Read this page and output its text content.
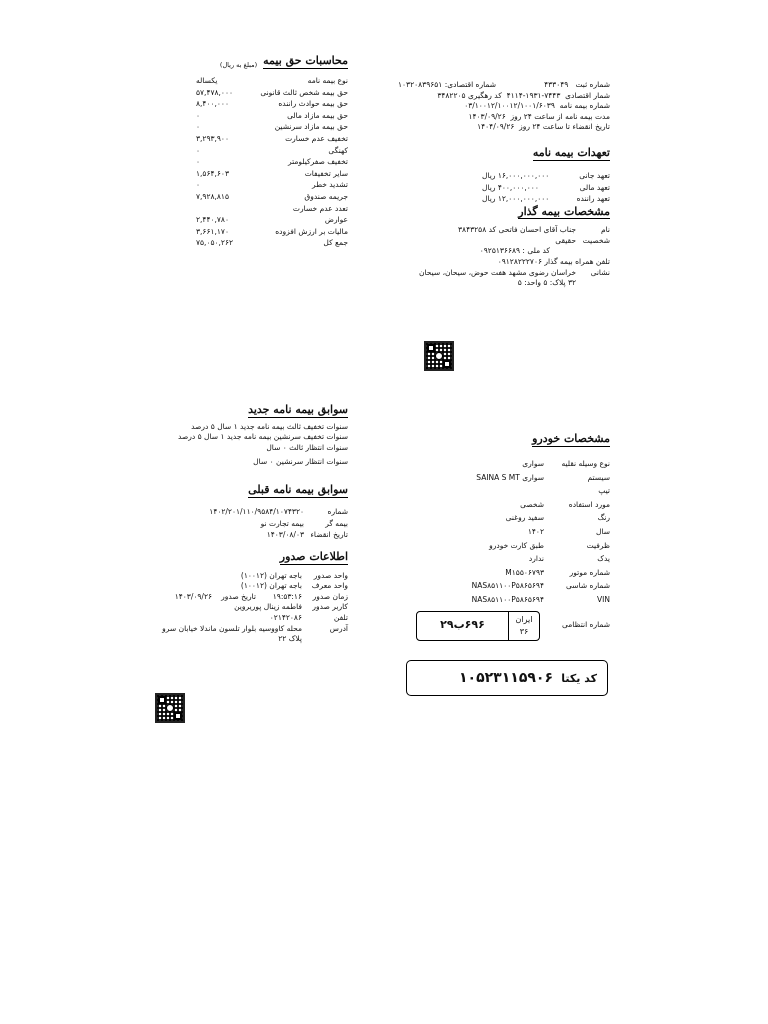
محاسبات حق بیمه
(مبلغ به ریال)
نوع بیمه نامه
یکساله
حق بیمه شخص ثالث قانونی
۵۷,۴۷۸,۰۰۰
حق بیمه حوادث راننده
۸,۴۰۰,۰۰۰
حق بیمه مازاد مالی
۰
حق بیمه مازاد سرنشین
۰
تخفیف عدم خسارت
۳,۲۹۳,۹۰۰
کهنگی
۰
تخفیف صفرکیلومتر
۰
سایر تخفیفات
۱,۵۶۴,۶۰۳
تشدید خطر
۰
جریمه صندوق
۷,۹۲۸,۸۱۵
تعدد عدم خسارت
عوارض
۲,۴۴۰,۷۸۰
مالیات بر ارزش افزوده
۳,۶۶۱,۱۷۰
جمع کل
۷۵,۰۵۰,۲۶۲
شماره ثبت   ۴۳۳۰۴۹
شماره اقتصادی: ۱۰۳۲۰۸۳۹۶۵۱
شمار اقتصادی

۴۱۱۴-۱۹۳۱-۷۴۴۳

کد رهگیری

۳۴۸۲۲۰۵
شماره بیمه نامه

۰۳/۱۰۰۱۲/۱۰۰۱۲/۱۰۰۱/۶۰۳۹
مدت بیمه نامه از ساعت ۲۴ روز

۱۴۰۳/۰۹/۲۶
تاریخ انقضاء تا ساعت ۲۴ روز

۱۴۰۴/۰۹/۲۶
تعهدات بیمه نامه
تعهد جانی
۱۶,۰۰۰,۰۰۰,۰۰۰ ریال
تعهد مالی
۴۰۰,۰۰۰,۰۰۰ ریال
تعهد راننده
۱۲,۰۰۰,۰۰۰,۰۰۰ ریال
مشخصات بیمه گذار
نام
جناب آقای احسان فاتحی کد ۳۸۴۳۲۵۸
شخصیت
حقیقی
کد ملی : ۰۹۲۵۱۳۶۶۸۹
تلفن همراه بیمه گذار ۰۹۱۲۸۲۲۲۷۰۶
نشانی
خراسان رضوی مشهد هفت حوض، سیحان، سیحان
۳۲ پلاک: ۵ واحد: ۵
سوابق بیمه نامه جدید
سنوات تخفیف ثالث بیمه نامه جدید ۱ سال ۵ درصد
سنوات تخفیف سرنشین بیمه نامه جدید ۱ سال ۵ درصد
سنوات انتظار ثالث ۰ سال
سنوات انتظار سرنشین ۰ سال
سوابق بیمه نامه قبلی
شماره
۱۴۰۲/۲۰۱/۱۱۰/۹۵۸۴/۱۰۷۴۳۲۰
بیمه گر
بیمه تجارت نو
تاریخ انقضاء
۱۴۰۳/۰۸/۰۳
اطلاعات صدور
واحد صدور
باجه تهران (۱۰۰۱۲)
واحد معرف
باجه تهران (۱۰۰۱۲)
زمان صدور
۱۹:۵۳:۱۶
تاریخ صدور
۱۴۰۳/۰۹/۲۶
کاربر صدور
فاطمه زینال پوریروین
تلفن
۰۲۱۴۲۰۸۶
آدرس
محله کاووسیه بلوار تلسون ماندلا خیابان سرو
پلاک ۲۲
مشخصات خودرو
نوع وسیله نقلیه
سواری
سیستم
سواری SAINA S MT
تیپ
مورد استفاده
شخصی
رنگ
سفید روغنی
سال
۱۴۰۲
ظرفیت
طبق کارت خودرو
یدک
ندارد
شماره موتور
M۱۵۵۰۶۷۹۳
شماره شاسی
NAS۸۵۱۱۰۰P۵۸۶۵۶۹۴
VIN
NAS۸۵۱۱۰۰P۵۸۶۵۶۹۴
شماره انتظامی
ایران
۳۶
۶۹۶ب۲۹
کد یکتا
۱۰۵۲۳۱۱۵۹۰۶
